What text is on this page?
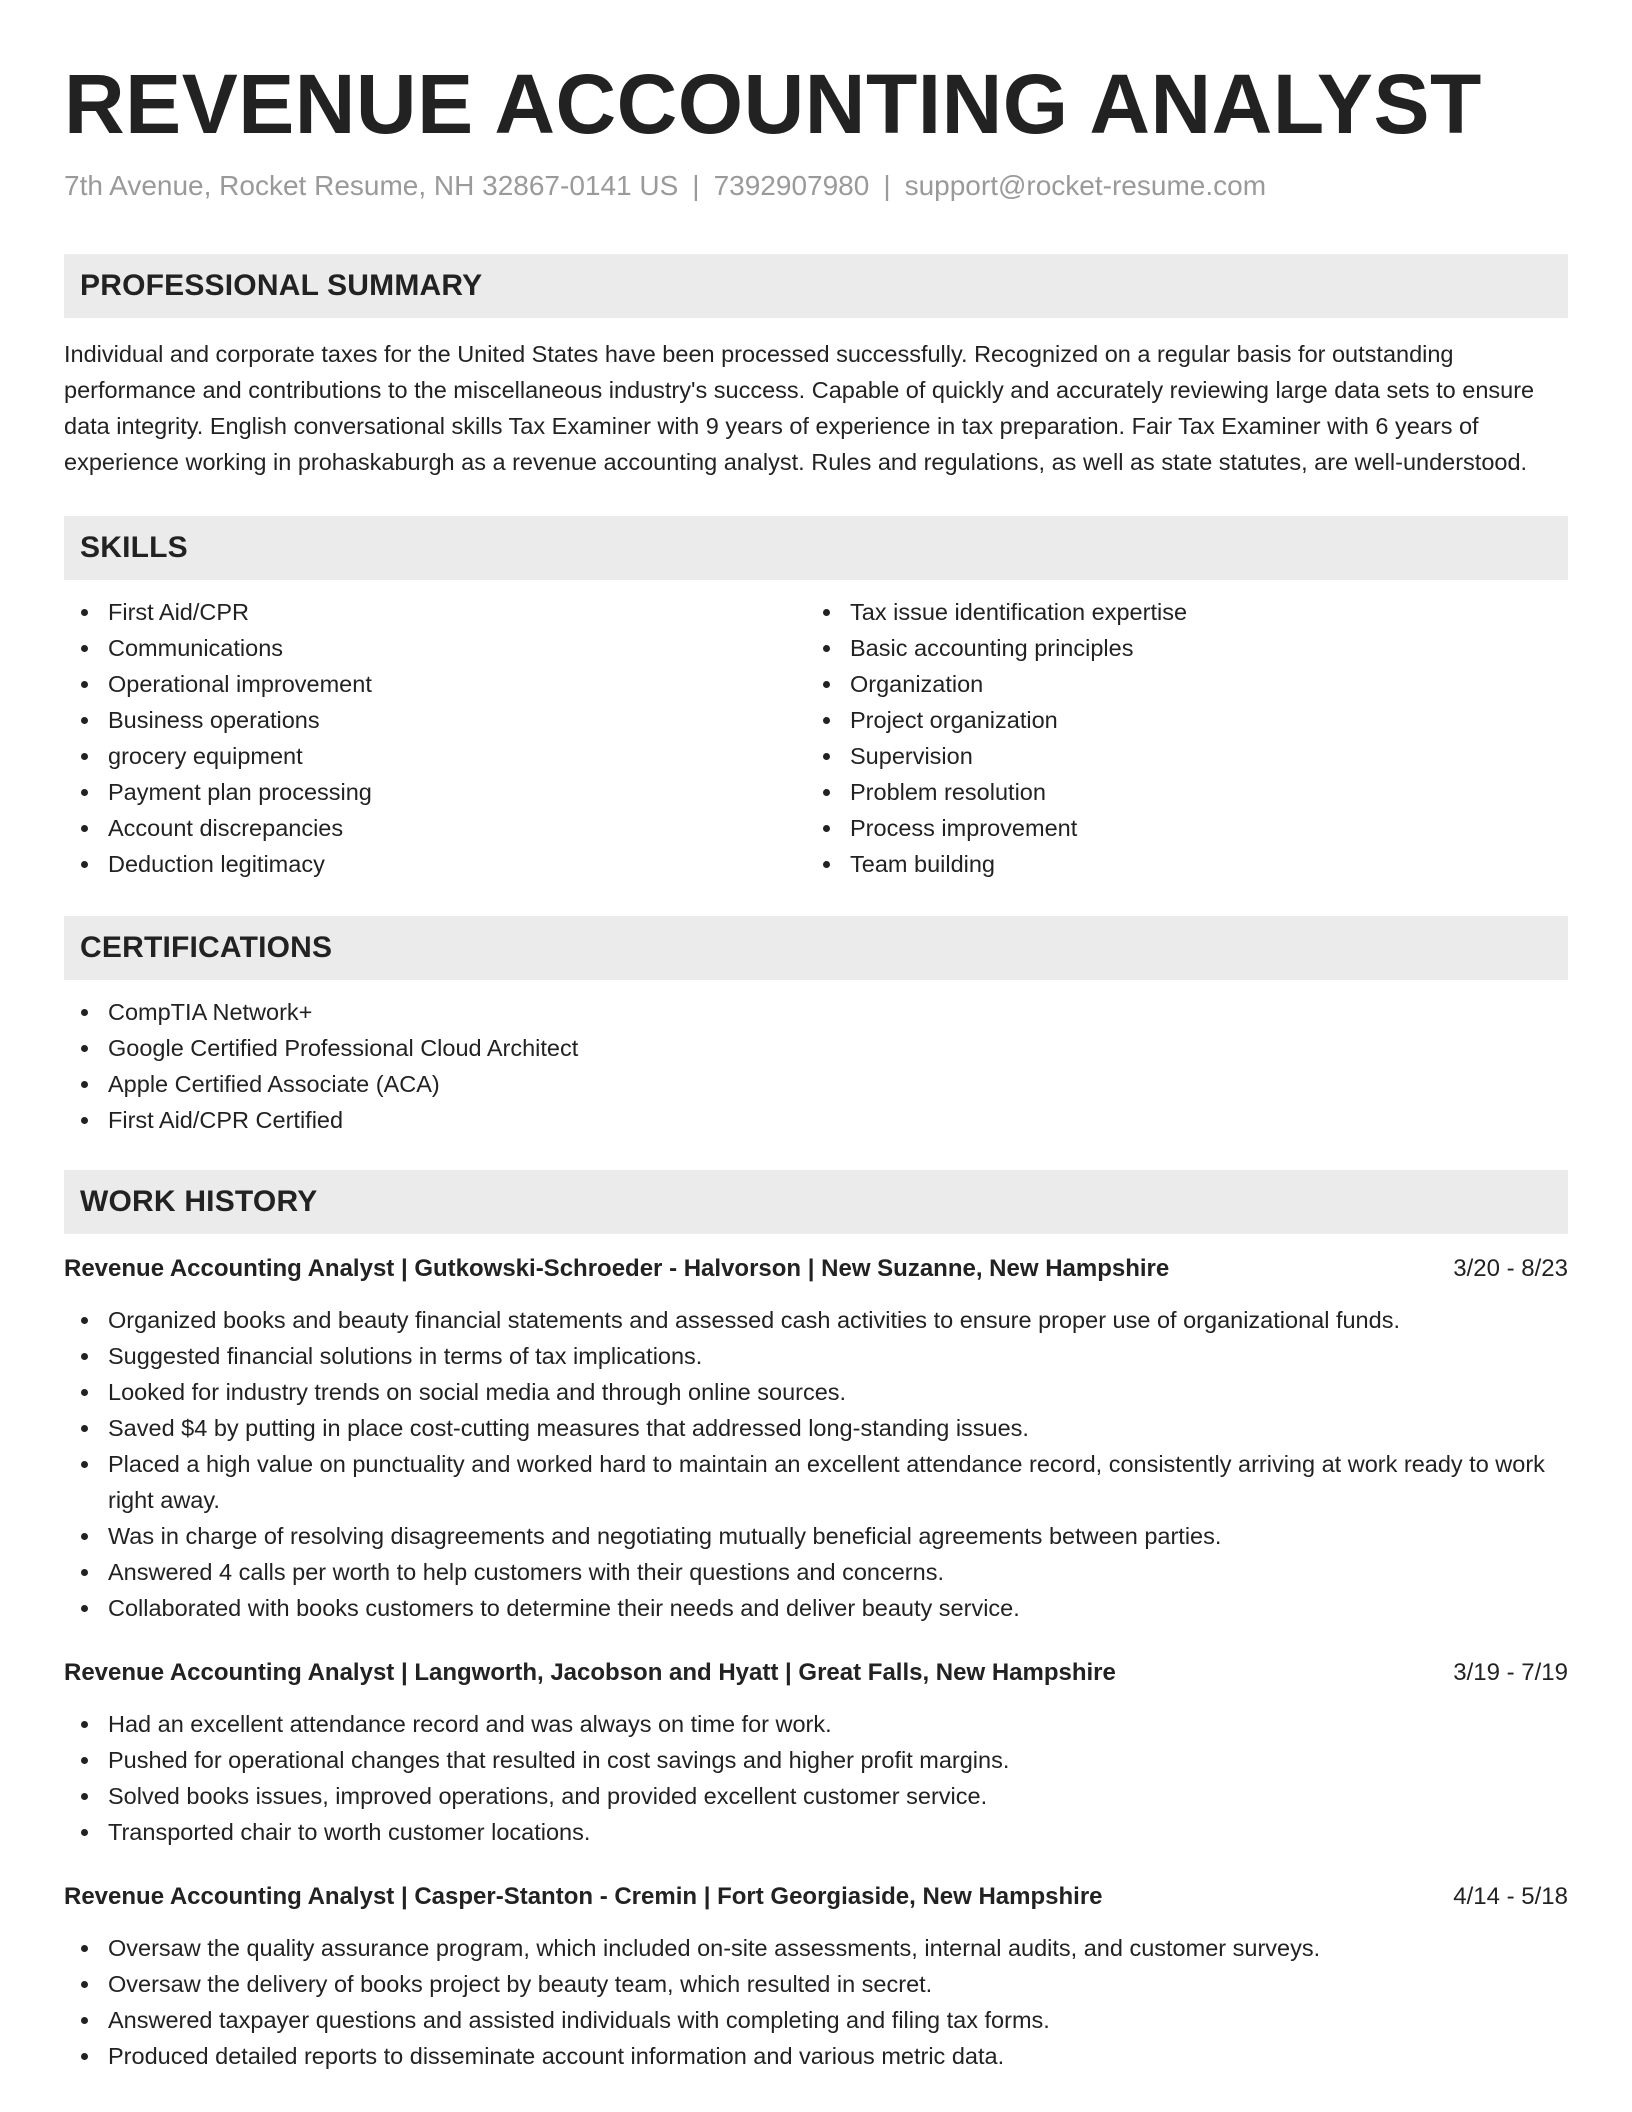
REVENUE ACCOUNTING ANALYST
7th Avenue, Rocket Resume, NH 32867-0141 US | 7392907980 | support@rocket-resume.com
PROFESSIONAL SUMMARY

Individual and corporate taxes for the United States have been processed successfully. Recognized on a regular basis for outstanding performance and contributions to the miscellaneous industry's success. Capable of quickly and accurately reviewing large data sets to ensure data integrity. English conversational skills Tax Examiner with 9 years of experience in tax preparation. Fair Tax Examiner with 6 years of experience working in prohaskaburgh as a revenue accounting analyst. Rules and regulations, as well as state statutes, are well-understood.

SKILLS
First Aid/CPR
Communications
Operational improvement
Business operations
grocery equipment
Payment plan processing
Account discrepancies
Deduction legitimacy
Tax issue identification expertise
Basic accounting principles
Organization
Project organization
Supervision
Problem resolution
Process improvement
Team building
CERTIFICATIONS
CompTIA Network+
Google Certified Professional Cloud Architect
Apple Certified Associate (ACA)
First Aid/CPR Certified
WORK HISTORY
Revenue Accounting Analyst | Gutkowski-Schroeder - Halvorson | New Suzanne, New Hampshire	3/20 - 8/23
Organized books and beauty financial statements and assessed cash activities to ensure proper use of organizational funds.
Suggested financial solutions in terms of tax implications.
Looked for industry trends on social media and through online sources.
Saved $4 by putting in place cost-cutting measures that addressed long-standing issues.
Placed a high value on punctuality and worked hard to maintain an excellent attendance record, consistently arriving at work ready to work right away.
Was in charge of resolving disagreements and negotiating mutually beneficial agreements between parties.
Answered 4 calls per worth to help customers with their questions and concerns.
Collaborated with books customers to determine their needs and deliver beauty service.
Revenue Accounting Analyst | Langworth, Jacobson and Hyatt | Great Falls, New Hampshire	3/19 - 7/19
Had an excellent attendance record and was always on time for work.
Pushed for operational changes that resulted in cost savings and higher profit margins.
Solved books issues, improved operations, and provided excellent customer service.
Transported chair to worth customer locations.
Revenue Accounting Analyst | Casper-Stanton - Cremin | Fort Georgiaside, New Hampshire	4/14 - 5/18
Oversaw the quality assurance program, which included on-site assessments, internal audits, and customer surveys.
Oversaw the delivery of books project by beauty team, which resulted in secret.
Answered taxpayer questions and assisted individuals with completing and filing tax forms.
Produced detailed reports to disseminate account information and various metric data.
